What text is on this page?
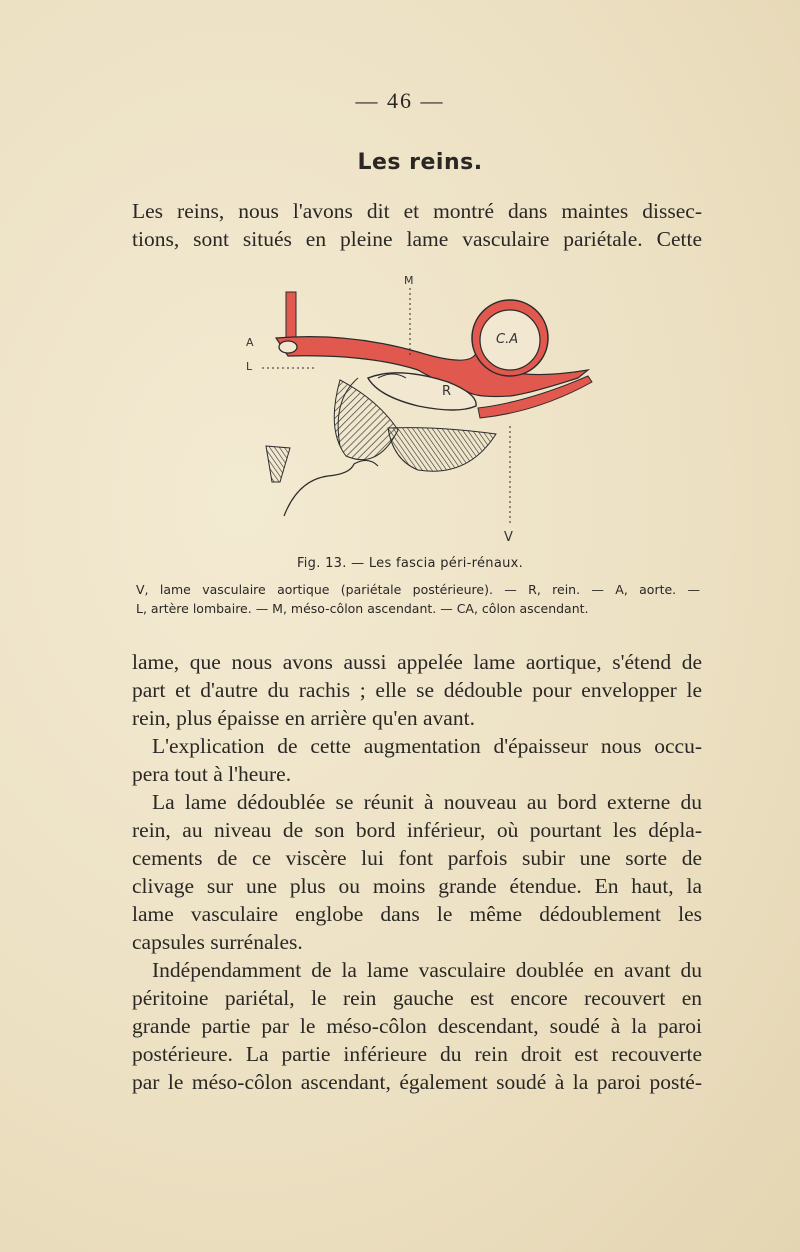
— 46 —
Les reins.
Les reins, nous l'avons dit et montré dans maintes dissec-
tions, sont situés en pleine lame vasculaire pariétale. Cette
M
A
L
C.A
R
V
Fig. 13. — Les fascia péri-rénaux.
V, lame vasculaire aortique (pariétale postérieure). — R, rein. — A, aorte. —
L, artère lombaire. — M, méso-côlon ascendant. — CA, côlon ascendant.
lame, que nous avons aussi appelée lame aortique, s'étend de
part et d'autre du rachis ; elle se dédouble pour envelopper le
rein, plus épaisse en arrière qu'en avant.
L'explication de cette augmentation d'épaisseur nous occu-
pera tout à l'heure.
La lame dédoublée se réunit à nouveau au bord externe du
rein, au niveau de son bord inférieur, où pourtant les dépla-
cements de ce viscère lui font parfois subir une sorte de
clivage sur une plus ou moins grande étendue. En haut, la
lame vasculaire englobe dans le même dédoublement les
capsules surrénales.
Indépendamment de la lame vasculaire doublée en avant du
péritoine pariétal, le rein gauche est encore recouvert en
grande partie par le méso-côlon descendant, soudé à la paroi
postérieure. La partie inférieure du rein droit est recouverte
par le méso-côlon ascendant, également soudé à la paroi posté-
